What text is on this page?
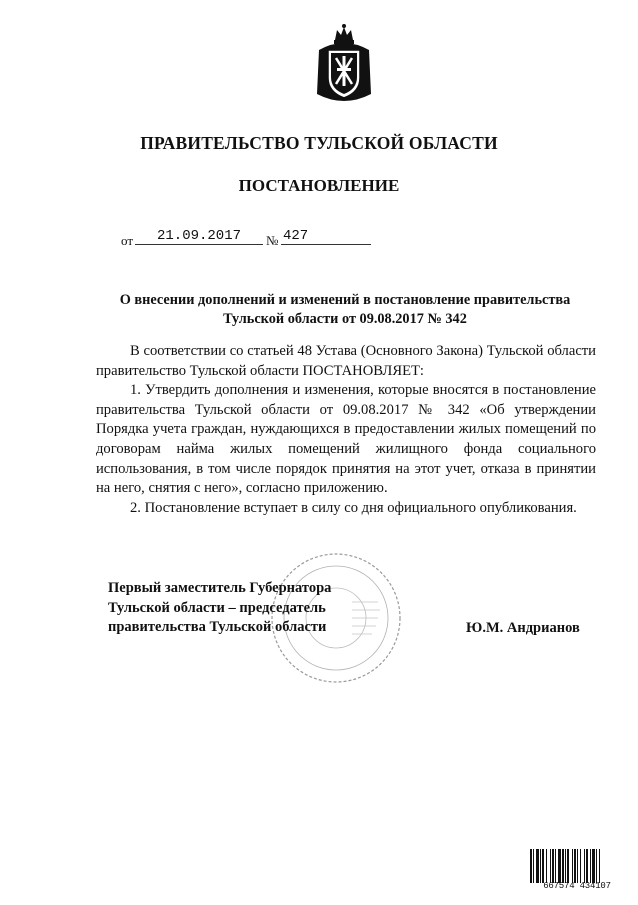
ПРАВИТЕЛЬСТВО ТУЛЬСКОЙ ОБЛАСТИ
ПОСТАНОВЛЕНИЕ
от	21.09.2017	№ 427
О внесении дополнений и изменений в постановление правительства
Тульской области от 09.08.2017 № 342

В соответствии со статьей 48 Устава (Основного Закона) Тульской области правительство Тульской области ПОСТАНОВЛЯЕТ:

1. Утвердить дополнения и изменения, которые вносятся в постановление правительства Тульской области от 09.08.2017 № 342 «Об утверждении Порядка учета граждан, нуждающихся в предоставлении жилых помещений по договорам найма жилых помещений жилищного фонда социального использования, в том числе порядок принятия на этот учет, отказа в принятии на него, снятия с него», согласно приложению.

2. Постановление вступает в силу со дня официального опубликования.

Первый заместитель Губернатора
Тульской области – председатель
правительства Тульской области	Ю.М. Андрианов
667574 434107
